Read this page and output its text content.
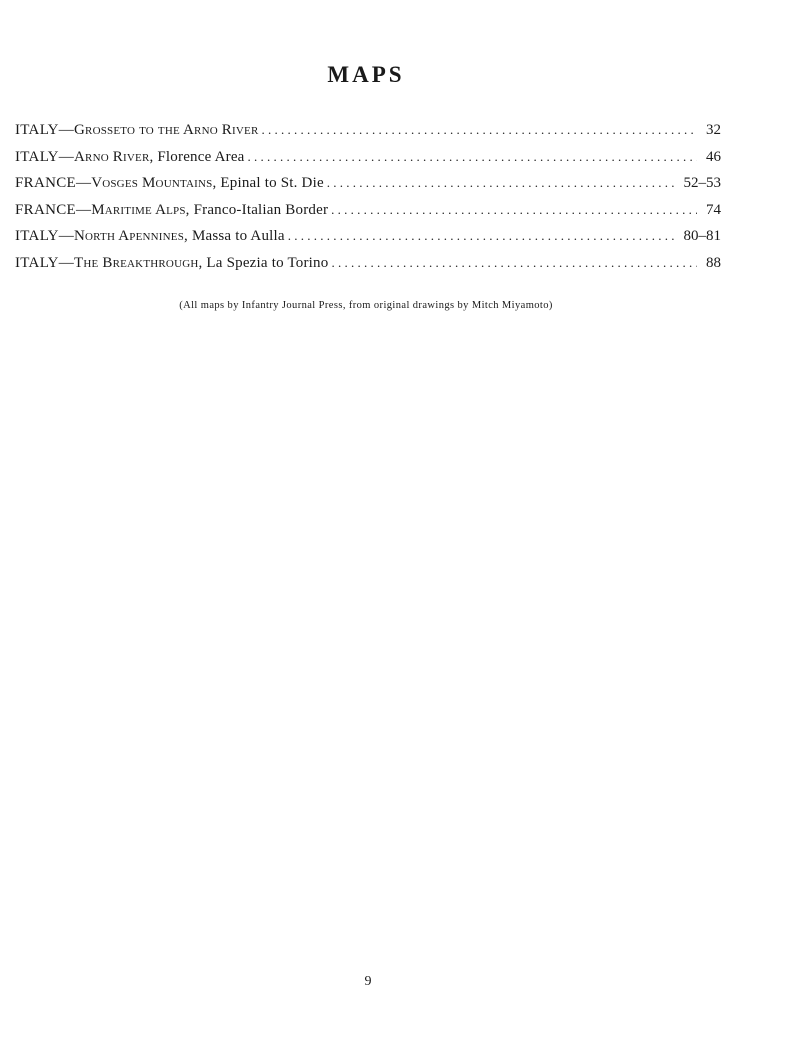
MAPS
ITALY—Grosseto to the Arno River . . .	32
ITALY—Arno River, Florence Area . . .	46
FRANCE—Vosges Mountains, Epinal to St. Die . . .	52–53
FRANCE—Maritime Alps, Franco-Italian Border . . .	74
ITALY—North Apennines, Massa to Aulla . . .	80–81
ITALY—The Breakthrough, La Spezia to Torino . . .	88
(All maps by Infantry Journal Press, from original drawings by Mitch Miyamoto)
9
